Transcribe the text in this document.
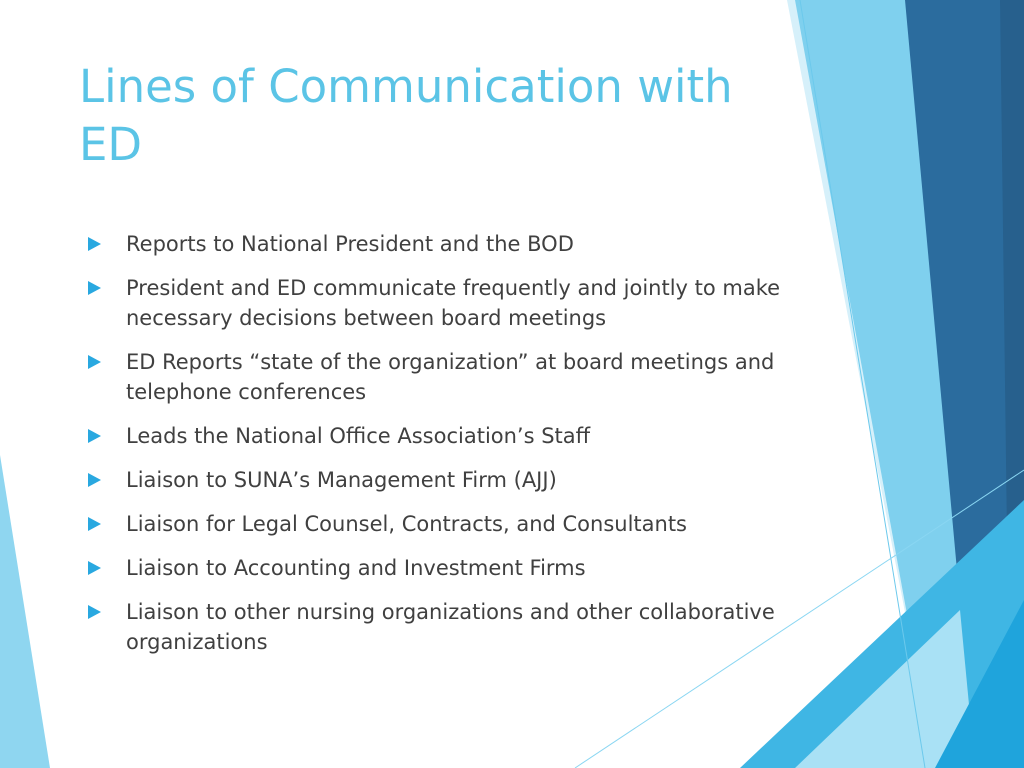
Lines of Communication with ED
Reports to National President and the BOD
President and ED communicate frequently and jointly to make necessary decisions between board meetings
ED Reports “state of the organization” at board meetings and telephone conferences
Leads the National Office Association’s Staff
Liaison to SUNA’s Management Firm (AJJ)
Liaison for Legal Counsel, Contracts, and Consultants
Liaison to Accounting and Investment Firms
Liaison to other nursing organizations and other collaborative organizations
